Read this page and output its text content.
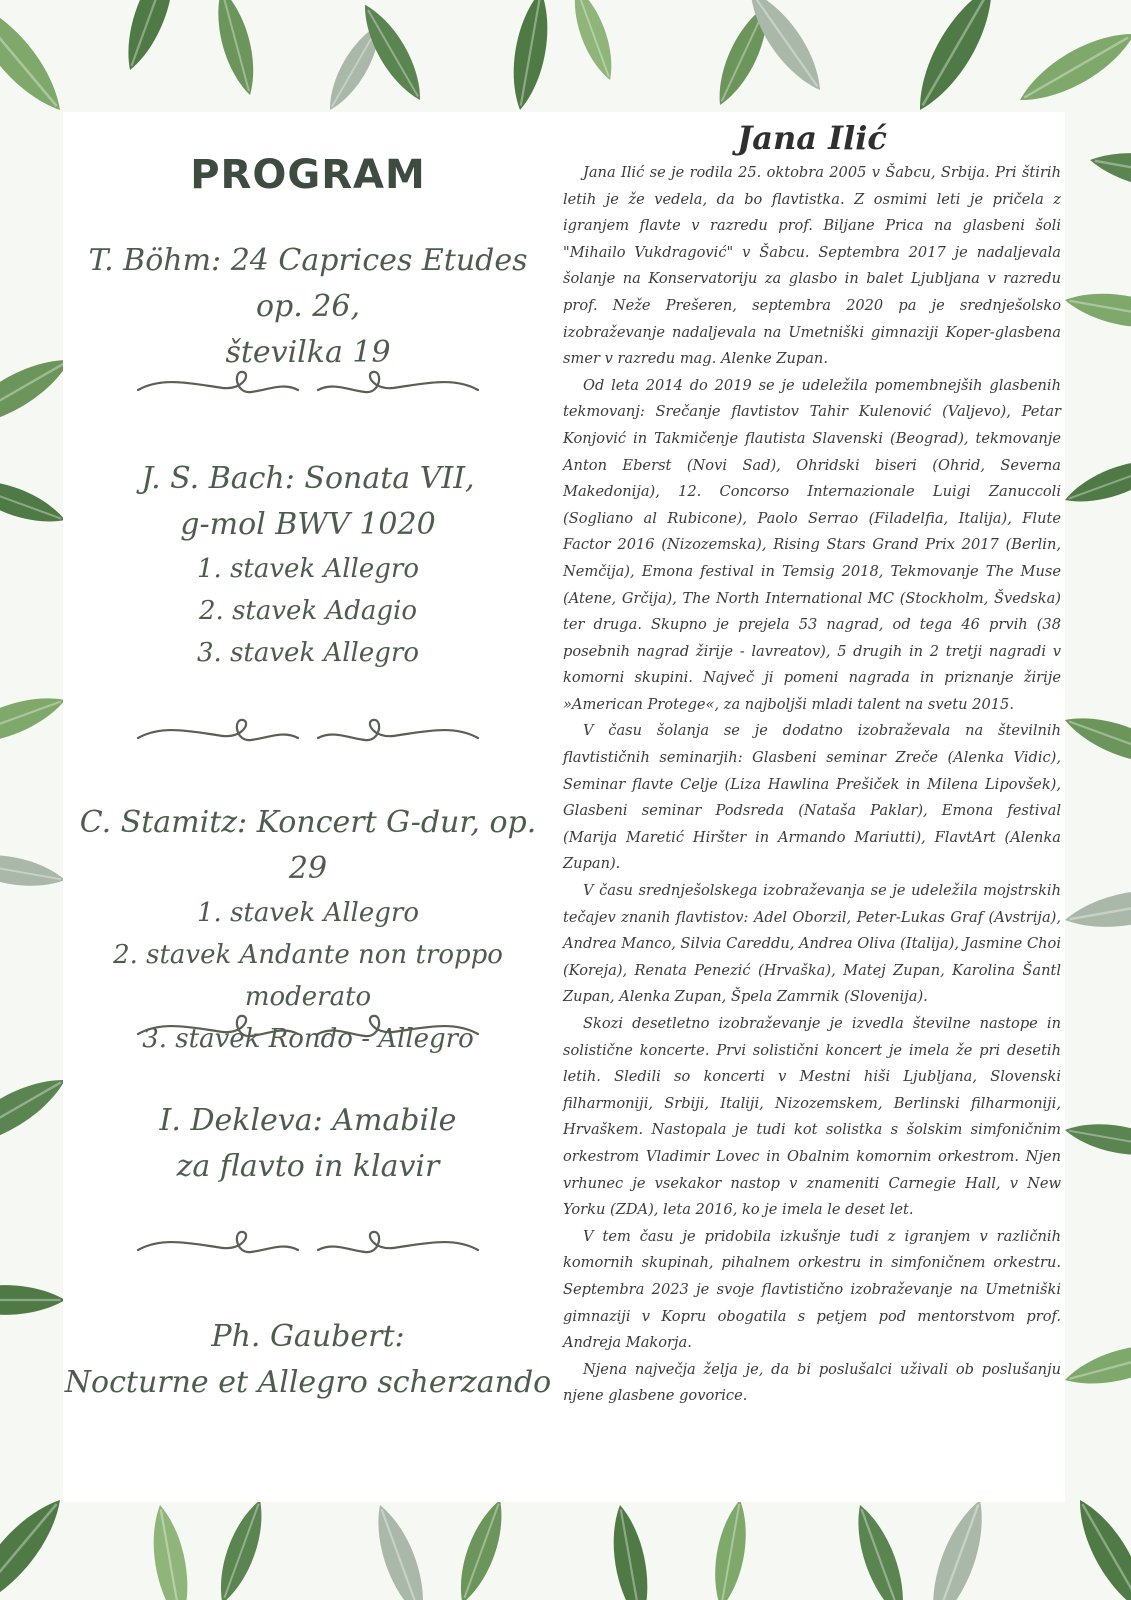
PROGRAM
T. Böhm: 24 Caprices Etudes op. 26,
številka 19
J. S. Bach: Sonata VII,
g-mol BWV 1020
1. stavek Allegro
2. stavek Adagio
3. stavek Allegro
C. Stamitz: Koncert G-dur, op. 29
1. stavek Allegro
2. stavek Andante non troppo moderato
3. stavek Rondo - Allegro
I. Dekleva: Amabile
za flavto in klavir
Ph. Gaubert:
Nocturne et Allegro scherzando
Jana Ilić

Jana Ilić se je rodila 25. oktobra 2005 v Šabcu, Srbija. Pri štirih letih je že vedela, da bo flavtistka. Z osmimi leti je pričela z igranjem flavte v razredu prof. Biljane Prica na glasbeni šoli "Mihailo Vukdragović" v Šabcu. Septembra 2017 je nadaljevala šolanje na Konservatoriju za glasbo in balet Ljubljana v razredu prof. Neže Prešeren, septembra 2020 pa je srednješolsko izobraževanje nadaljevala na Umetniški gimnaziji Koper-glasbena smer v razredu mag. Alenke Zupan.

Od leta 2014 do 2019 se je udeležila pomembnejših glasbenih tekmovanj: Srečanje flavtistov Tahir Kulenović (Valjevo), Petar Konjović in Takmičenje flautista Slavenski (Beograd), tekmovanje Anton Eberst (Novi Sad), Ohridski biseri (Ohrid, Severna Makedonija), 12. Concorso Internazionale Luigi Zanuccoli (Sogliano al Rubicone), Paolo Serrao (Filadelfia, Italija), Flute Factor 2016 (Nizozemska), Rising Stars Grand Prix 2017 (Berlin, Nemčija), Emona festival in Temsig 2018, Tekmovanje The Muse (Atene, Grčija), The North International MC (Stockholm, Švedska) ter druga. Skupno je prejela 53 nagrad, od tega 46 prvih (38 posebnih nagrad žirije - lavreatov), 5 drugih in 2 tretji nagradi v komorni skupini. Največ ji pomeni nagrada in priznanje žirije »American Protege«, za najboljši mladi talent na svetu 2015.

V času šolanja se je dodatno izobraževala na številnih flavtističnih seminarjih: Glasbeni seminar Zreče (Alenka Vidic), Seminar flavte Celje (Liza Hawlina Prešiček in Milena Lipovšek), Glasbeni seminar Podsreda (Nataša Paklar), Emona festival (Marija Maretić Hiršter in Armando Mariutti), FlavtArt (Alenka Zupan).

V času srednješolskega izobraževanja se je udeležila mojstrskih tečajev znanih flavtistov: Adel Oborzil, Peter-Lukas Graf (Avstrija), Andrea Manco, Silvia Careddu, Andrea Oliva (Italija), Jasmine Choi (Koreja), Renata Penezić (Hrvaška), Matej Zupan, Karolina Šantl Zupan, Alenka Zupan, Špela Zamrnik (Slovenija).

Skozi desetletno izobraževanje je izvedla številne nastope in solistične koncerte. Prvi solistični koncert je imela že pri desetih letih. Sledili so koncerti v Mestni hiši Ljubljana, Slovenski filharmoniji, Srbiji, Italiji, Nizozemskem, Berlinski filharmoniji, Hrvaškem. Nastopala je tudi kot solistka s šolskim simfoničnim orkestrom Vladimir Lovec in Obalnim komornim orkestrom. Njen vrhunec je vsekakor nastop v znameniti Carnegie Hall, v New Yorku (ZDA), leta 2016, ko je imela le deset let.

V tem času je pridobila izkušnje tudi z igranjem v različnih komornih skupinah, pihalnem orkestru in simfoničnem orkestru. Septembra 2023 je svoje flavtistično izobraževanje na Umetniški gimnaziji v Kopru obogatila s petjem pod mentorstvom prof. Andreja Makorja.

Njena največja želja je, da bi poslušalci uživali ob poslušanju njene glasbene govorice.
